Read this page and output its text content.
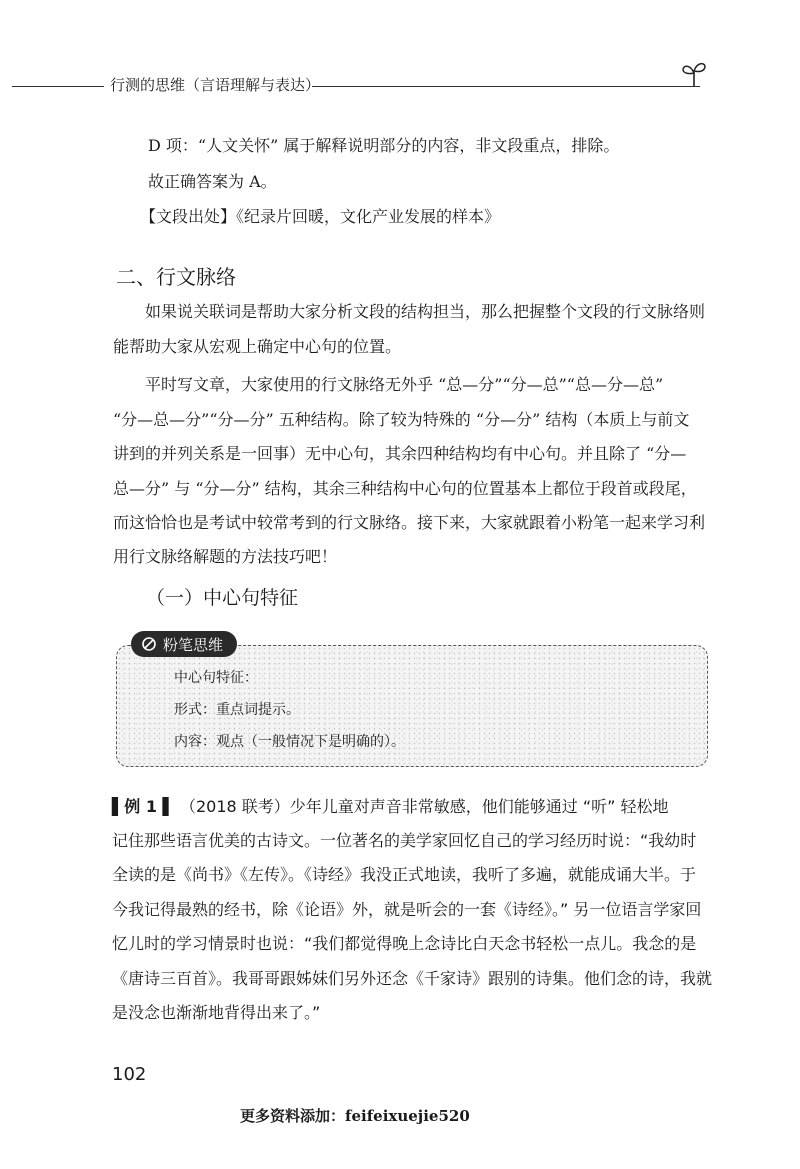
行测的思维（言语理解与表达）
D 项：“人文关怀” 属于解释说明部分的内容，非文段重点，排除。
故正确答案为 A。
【文段出处】《纪录片回暖，文化产业发展的样本》
二、行文脉络
如果说关联词是帮助大家分析文段的结构担当，那么把握整个文段的行文脉络则
能帮助大家从宏观上确定中心句的位置。
平时写文章，大家使用的行文脉络无外乎 “总—分”“分—总”“总—分—总”
“分—总—分”“分—分” 五种结构。除了较为特殊的 “分—分” 结构（本质上与前文
讲到的并列关系是一回事）无中心句，其余四种结构均有中心句。并且除了 “分—
总—分” 与 “分—分” 结构，其余三种结构中心句的位置基本上都位于段首或段尾，
而这恰恰也是考试中较常考到的行文脉络。接下来，大家就跟着小粉笔一起来学习利
用行文脉络解题的方法技巧吧！
（一）中心句特征
粉笔思维
中心句特征：
形式：重点词提示。
内容：观点（一般情况下是明确的）。
▌例 1 ▌ （2018 联考）少年儿童对声音非常敏感，他们能够通过 “听” 轻松地
记住那些语言优美的古诗文。一位著名的美学家回忆自己的学习经历时说：“我幼时
全读的是《尚书》《左传》。《诗经》我没正式地读，我听了多遍，就能成诵大半。于
今我记得最熟的经书，除《论语》外，就是听会的一套《诗经》。” 另一位语言学家回
忆儿时的学习情景时也说：“我们都觉得晚上念诗比白天念书轻松一点儿。我念的是
《唐诗三百首》。我哥哥跟姊妹们另外还念《千家诗》跟别的诗集。他们念的诗，我就
是没念也渐渐地背得出来了。”
102
更多资料添加：feifeixuejie520
